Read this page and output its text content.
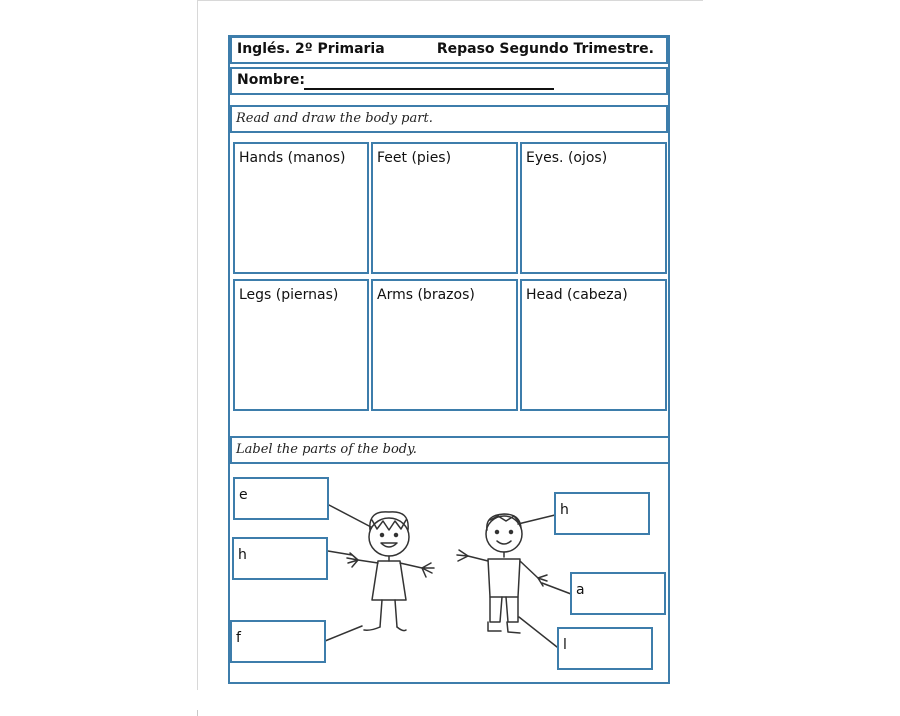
Inglés. 2º Primaria	Repaso Segundo Trimestre.
Nombre:
Read and draw the body part.
Hands (manos) Feet (pies)	Eyes. (ojos)
Legs (piernas)	Arms (brazos)	Head (cabeza)
Label the parts of the body.
e
h
f
h
a
l
